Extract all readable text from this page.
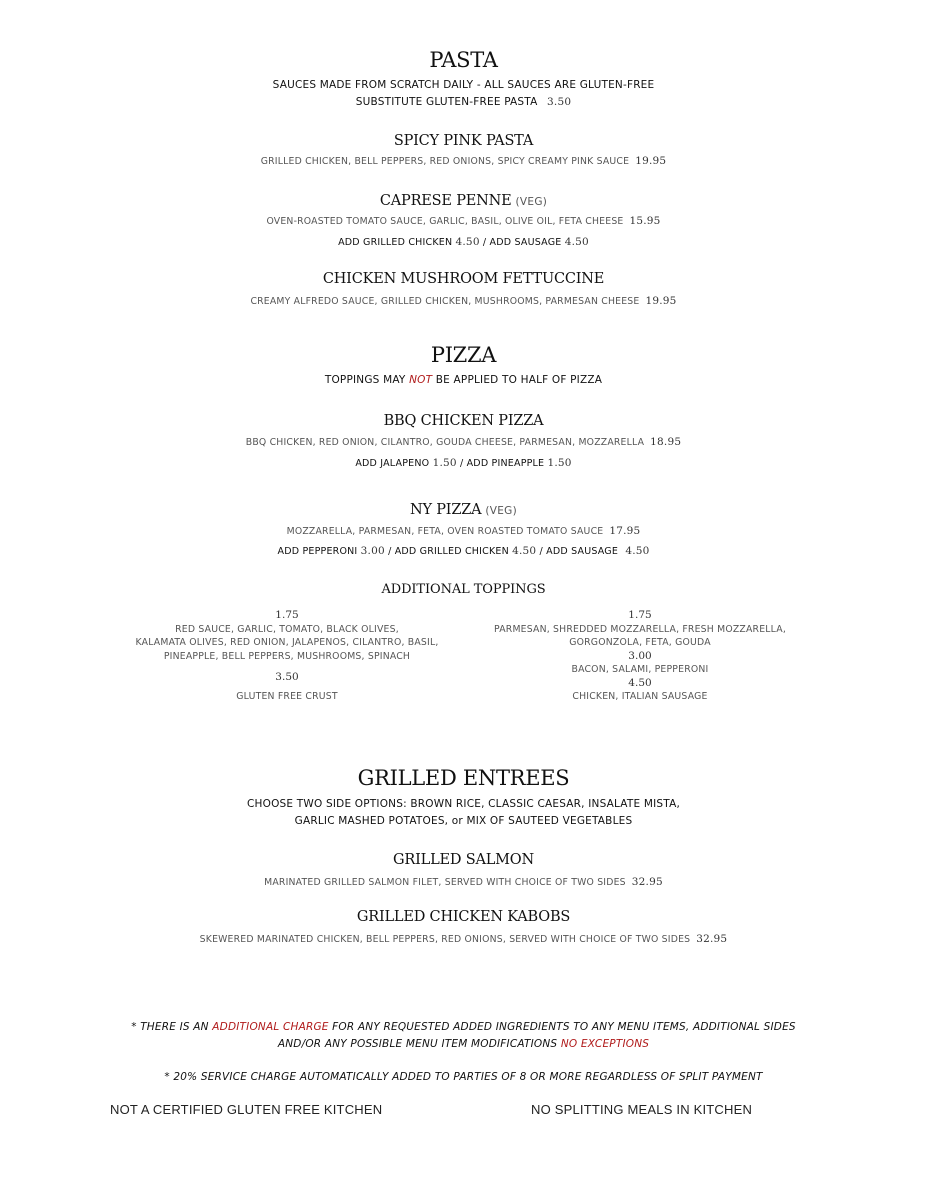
PASTA
SAUCES MADE FROM SCRATCH DAILY - ALL SAUCES ARE GLUTEN-FREE
SUBSTITUTE GLUTEN-FREE PASTA 3.50
SPICY PINK PASTA
GRILLED CHICKEN, BELL PEPPERS, RED ONIONS, SPICY CREAMY PINK SAUCE 19.95
CAPRESE PENNE (VEG)
OVEN-ROASTED TOMATO SAUCE, GARLIC, BASIL, OLIVE OIL, FETA CHEESE 15.95
ADD GRILLED CHICKEN 4.50 / ADD SAUSAGE 4.50
CHICKEN MUSHROOM FETTUCCINE
CREAMY ALFREDO SAUCE, GRILLED CHICKEN, MUSHROOMS, PARMESAN CHEESE 19.95
PIZZA
TOPPINGS MAY NOT BE APPLIED TO HALF OF PIZZA
BBQ CHICKEN PIZZA
BBQ CHICKEN, RED ONION, CILANTRO, GOUDA CHEESE, PARMESAN, MOZZARELLA 18.95
ADD JALAPENO 1.50 / ADD PINEAPPLE 1.50
NY PIZZA (VEG)
MOZZARELLA, PARMESAN, FETA, OVEN ROASTED TOMATO SAUCE 17.95
ADD PEPPERONI 3.00 / ADD GRILLED CHICKEN 4.50 / ADD SAUSAGE 4.50
ADDITIONAL TOPPINGS
1.75
RED SAUCE, GARLIC, TOMATO, BLACK OLIVES,
KALAMATA OLIVES, RED ONION, JALAPENOS, CILANTRO, BASIL,
PINEAPPLE, BELL PEPPERS, MUSHROOMS, SPINACH
3.50
GLUTEN FREE CRUST
1.75
PARMESAN, SHREDDED MOZZARELLA, FRESH MOZZARELLA,
GORGONZOLA, FETA, GOUDA
3.00
BACON, SALAMI, PEPPERONI
4.50
CHICKEN, ITALIAN SAUSAGE
GRILLED ENTREES
CHOOSE TWO SIDE OPTIONS: BROWN RICE, CLASSIC CAESAR, INSALATE MISTA,
GARLIC MASHED POTATOES, or MIX OF SAUTEED VEGETABLES
GRILLED SALMON
MARINATED GRILLED SALMON FILET, SERVED WITH CHOICE OF TWO SIDES 32.95
GRILLED CHICKEN KABOBS
SKEWERED MARINATED CHICKEN, BELL PEPPERS, RED ONIONS, SERVED WITH CHOICE OF TWO SIDES 32.95
* THERE IS AN ADDITIONAL CHARGE FOR ANY REQUESTED ADDED INGREDIENTS TO ANY MENU ITEMS, ADDITIONAL SIDES
AND/OR ANY POSSIBLE MENU ITEM MODIFICATIONS NO EXCEPTIONS
* 20% SERVICE CHARGE AUTOMATICALLY ADDED TO PARTIES OF 8 OR MORE REGARDLESS OF SPLIT PAYMENT
NOT A CERTIFIED GLUTEN FREE KITCHEN	NO SPLITTING MEALS IN KITCHEN
